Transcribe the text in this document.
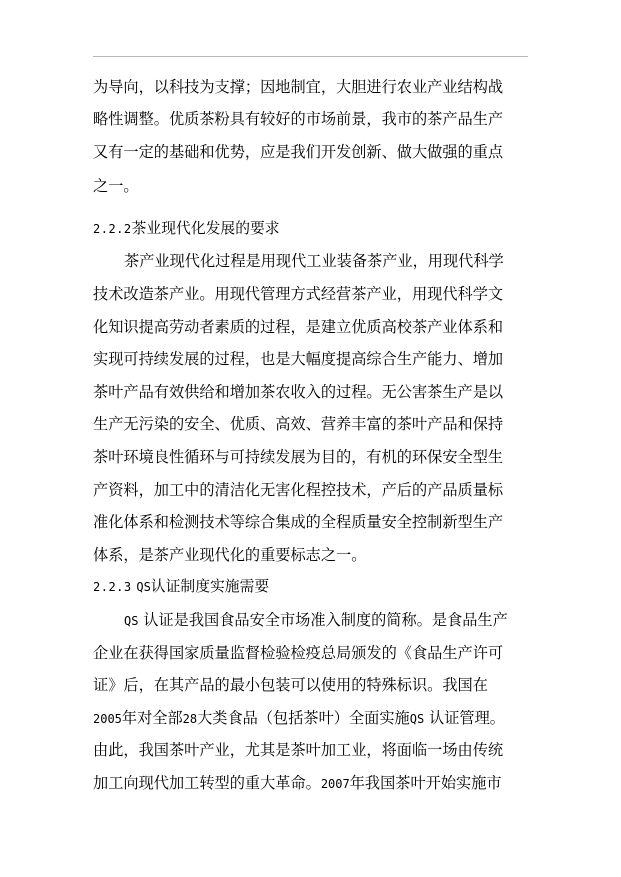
为导向，以科技为支撑；因地制宜，大胆进行农业产业结构战
略性调整。优质茶粉具有较好的市场前景，我市的茶产品生产
又有一定的基础和优势，应是我们开发创新、做大做强的重点
之一。
2.2.2茶业现代化发展的要求
茶产业现代化过程是用现代工业装备茶产业，用现代科学
技术改造茶产业。用现代管理方式经营茶产业，用现代科学文
化知识提高劳动者素质的过程，是建立优质高校茶产业体系和
实现可持续发展的过程，也是大幅度提高综合生产能力、增加
茶叶产品有效供给和增加茶农收入的过程。无公害茶生产是以
生产无污染的安全、优质、高效、营养丰富的茶叶产品和保持
茶叶环境良性循环与可持续发展为目的，有机的环保安全型生
产资料，加工中的清洁化无害化程控技术，产后的产品质量标
准化体系和检测技术等综合集成的全程质量安全控制新型生产
体系，是茶产业现代化的重要标志之一。
2.2.3 QS认证制度实施需要
QS 认证是我国食品安全市场准入制度的简称。是食品生产
企业在获得国家质量监督检验检疫总局颁发的《食品生产许可
证》后，在其产品的最小包装可以使用的特殊标识。我国在
2005年对全部28大类食品（包括茶叶）全面实施QS 认证管理。
由此，我国茶叶产业，尤其是茶叶加工业，将面临一场由传统
加工向现代加工转型的重大革命。2007年我国茶叶开始实施市
